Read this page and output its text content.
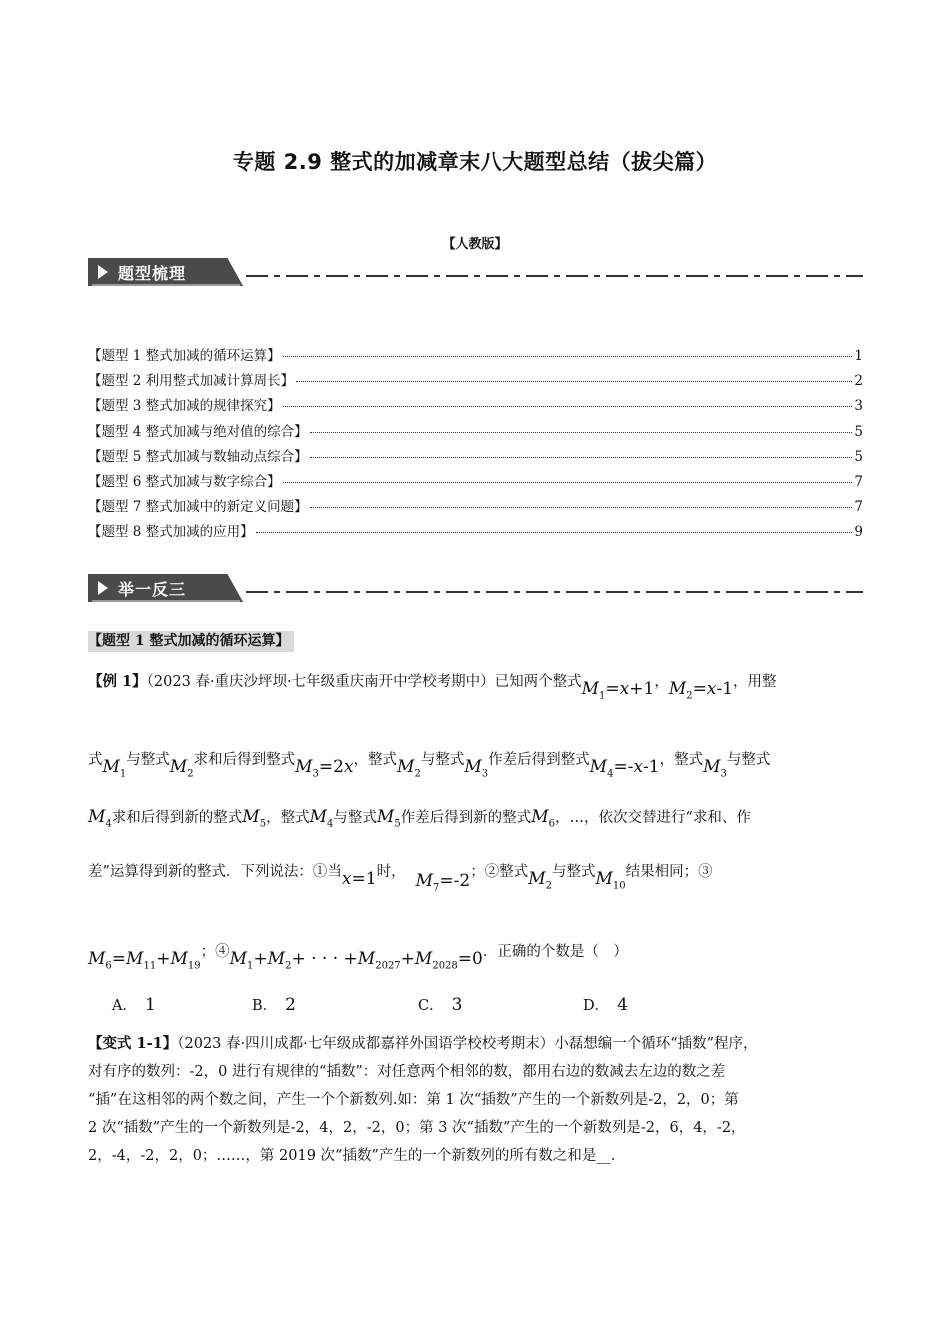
专题 2.9 整式的加减章末八大题型总结（拔尖篇）
【人教版】
题型梳理
【题型 1 整式加减的循环运算】	1
【题型 2 利用整式加减计算周长】	2
【题型 3 整式加减的规律探究】	3
【题型 4 整式加减与绝对值的综合】	5
【题型 5 整式加减与数轴动点综合】	5
【题型 6 整式加减与数字综合】	7
【题型 7 整式加减中的新定义问题】	7
【题型 8 整式加减的应用】	9
举一反三
【题型 1 整式加减的循环运算】
【例 1】（2023 春·重庆沙坪坝·七年级重庆南开中学校考期中）已知两个整式$M_1=x+1$，$M_2=x-1$，用整
式$M_1$与整式$M_2$求和后得到整式$M_3=2x$，整式$M_2$与整式$M_3$作差后得到整式$M_4=-x-1$，整式$M_3$与整式
$M_4$求和后得到新的整式$M_5$，整式$M_4$与整式$M_5$作差后得到新的整式$M_6$，…，依次交替进行“求和、作
差”运算得到新的整式．下列说法：①当x=1时， $M_7=-2$；②整式$M_2$与整式$M_{10}$结果相同；③
$M_6=M_{11}+M_{19}$；$④M_1+M_2+$ · · · $+M_{2027}+M_{2028}=0$．正确的个数是（　）
A． 1	B． 2	C． 3	D． 4
【变式 1-1】（2023 春·四川成都·七年级成都嘉祥外国语学校校考期末）小磊想编一个循环“插数”程序，
对有序的数列：-2，0 进行有规律的“插数”：对任意两个相邻的数，都用右边的数减去左边的数之差
“插”在这相邻的两个数之间，产生一个个新数列.如：第 1 次“插数”产生的一个新数列是-2，2，0；第
2 次“插数”产生的一个新数列是-2，4，2，-2，0；第 3 次“插数”产生的一个新数列是-2，6，4，-2，
2，-4，-2，2，0；……，第 2019 次“插数”产生的一个新数列的所有数之和是__.
